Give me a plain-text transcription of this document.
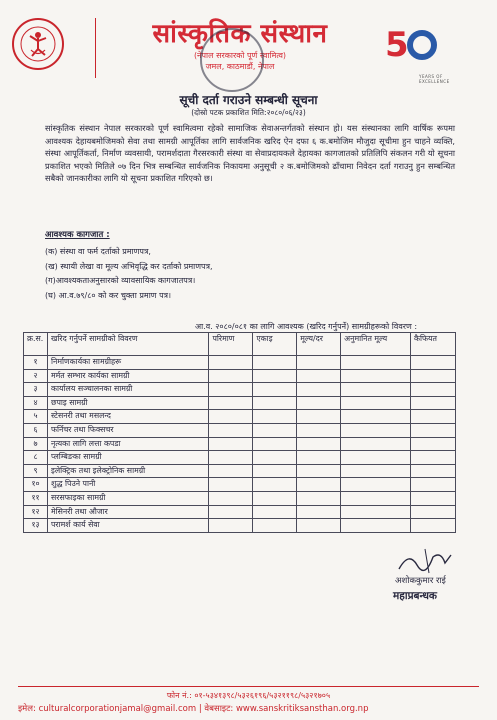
सांस्कृतिक संस्थान
(नेपाल सरकारको पूर्ण स्वामित्व)
जमल, काठमाडौं, नेपाल
5
YEARS OF EXCELLENCE
सूची दर्ता गराउने सम्बन्धी सूचना
(दोस्रो पटक प्रकाशित मिति:२०८०/०६/२३)
सांस्कृतिक संस्थान नेपाल सरकारको पूर्ण स्वामित्वमा रहेको सामाजिक सेवाअन्तर्गतको संस्थान हो। यस संस्थानका लागि वार्षिक रूपमा आवश्यक देहायबमोजिमको सेवा तथा सामग्री आपूर्तिका लागि सार्वजनिक खरिद ऐन दफा ६ क.बमोजिम मौजुदा सूचीमा हुन चाहने व्यक्ति, संस्था आपूर्तिकर्ता, निर्माण व्यवसायी, परामर्शदाता गैरसरकारी संस्था वा सेवाप्रदायकले देहायका कागजातको प्रतिलिपि संकलन गरी यो सूचना प्रकाशित भएको मितिले ०७ दिन भित्र सम्बन्धित सार्वजनिक निकायमा अनुसूची २ क.बमोजिमको ढाँचामा निवेदन दर्ता गराउनु हुन सम्बन्धित सबैको जानकारीका लागि यो सूचना प्रकाशित गरिएको छ।
आवश्यक कागजात :
(क) संस्था वा फर्म दर्ताको प्रमाणपत्र,
(ख) स्थायी लेखा वा मूल्य अभिवृद्धि कर दर्ताको प्रमाणपत्र,
(ग)आवश्यकताअनुसारको व्यावसायिक कागजातपत्र।
(घ) आ.व.७९/८० को कर चुक्ता प्रमाण पत्र।
आ.व. २०८०/०८१ का लागि आवश्यक (खरिद गर्नुपर्ने) सामग्रीहरूको विवरण :
क्र.स.	खरिद गर्नुपर्ने सामग्रीको विवरण	परिमाण	एकाइ	मूल्य/दर	अनुमानित मूल्य	कैफियत
१	निर्माणकार्यका सामग्रीहरू					
२	मर्मत सम्भार कार्यका सामग्री					
३	कार्यालय सञ्चालनका सामग्री					
४	छपाइ सामग्री					
५	स्टेसनरी तथा मसलन्द					
६	फर्निचर तथा फिक्सचर					
७	नृत्यका लागि लत्ता कपडा					
८	प्लम्बिङका सामग्री					
९	इलेक्ट्रिक तथा इलेक्ट्रोनिक सामग्री					
१०	शुद्ध पिउने पानी					
११	सरसफाइका सामग्री					
१२	मेसिनरी तथा औजार					
१३	परामर्श कार्य सेवा					
अशोककुमार राई
महाप्रबन्धक
फोन नं.: ०१-५३४१३९८/५३२६१९६/५३२११९८/५३२१७०५
इमेल: culturalcorporationjamal@gmail.com | वेबसाइट: www.sanskritiksansthan.org.np
